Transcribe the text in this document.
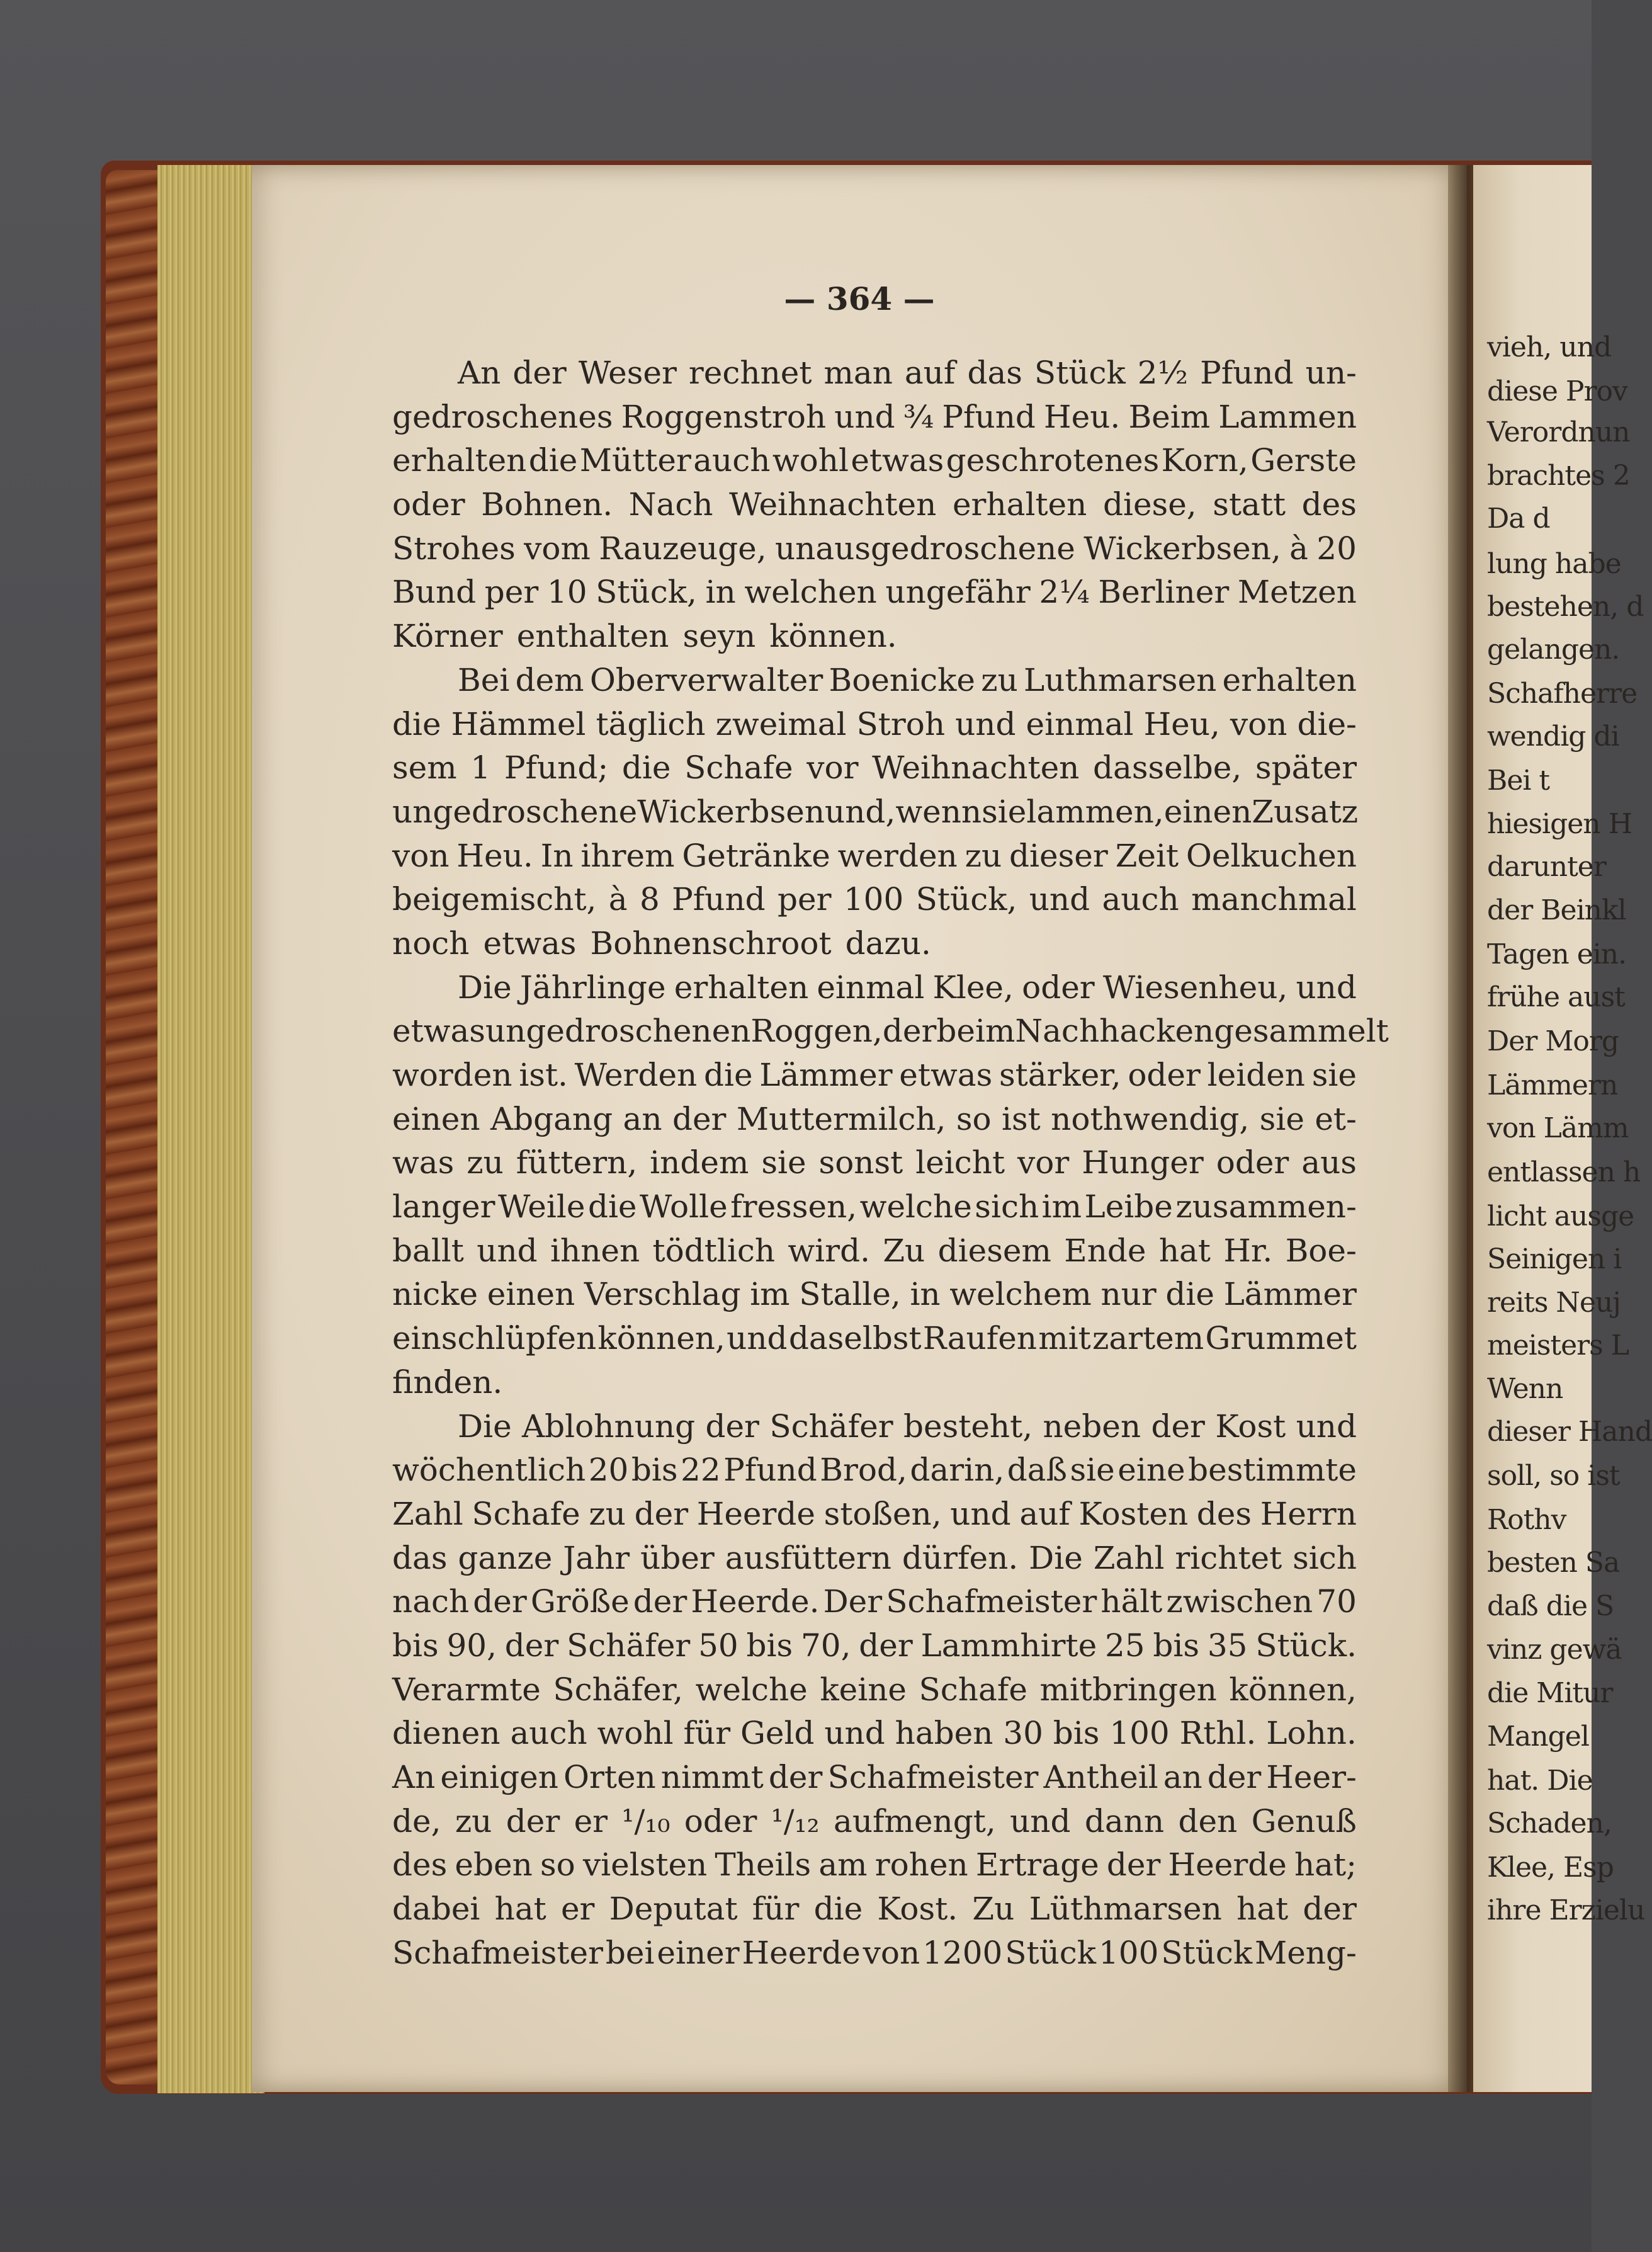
— 364 —
An der Weser rechnet man auf das Stück 2½ Pfund un-
gedroschenes Roggenstroh und ¾ Pfund Heu. Beim Lammen
erhalten die Mütter auch wohl etwas geschrotenes Korn, Gerste
oder Bohnen. Nach Weihnachten erhalten diese, statt des
Strohes vom Rauzeuge, unausgedroschene Wickerbsen, à 20
Bund per 10 Stück, in welchen ungefähr 2¼ Berliner Metzen
Körner enthalten seyn können.
Bei dem Oberverwalter Boenicke zu Luthmarsen erhalten
die Hämmel täglich zweimal Stroh und einmal Heu, von die-
sem 1 Pfund; die Schafe vor Weihnachten dasselbe, später
ungedroschene Wickerbsen und, wenn sie lammen, einen Zusatz
von Heu. In ihrem Getränke werden zu dieser Zeit Oelkuchen
beigemischt, à 8 Pfund per 100 Stück, und auch manchmal
noch etwas Bohnenschroot dazu.
Die Jährlinge erhalten einmal Klee, oder Wiesenheu, und
etwas ungedroschenen Roggen, der beim Nachhacken gesammelt
worden ist. Werden die Lämmer etwas stärker, oder leiden sie
einen Abgang an der Muttermilch, so ist nothwendig, sie et-
was zu füttern, indem sie sonst leicht vor Hunger oder aus
langer Weile die Wolle fressen, welche sich im Leibe zusammen-
ballt und ihnen tödtlich wird. Zu diesem Ende hat Hr. Boe-
nicke einen Verschlag im Stalle, in welchem nur die Lämmer
einschlüpfen können, und daselbst Raufen mit zartem Grummet
finden.
Die Ablohnung der Schäfer besteht, neben der Kost und
wöchentlich 20 bis 22 Pfund Brod, darin, daß sie eine bestimmte
Zahl Schafe zu der Heerde stoßen, und auf Kosten des Herrn
das ganze Jahr über ausfüttern dürfen. Die Zahl richtet sich
nach der Größe der Heerde. Der Schafmeister hält zwischen 70
bis 90, der Schäfer 50 bis 70, der Lammhirte 25 bis 35 Stück.
Verarmte Schäfer, welche keine Schafe mitbringen können,
dienen auch wohl für Geld und haben 30 bis 100 Rthl. Lohn.
An einigen Orten nimmt der Schafmeister Antheil an der Heer-
de, zu der er ¹/₁₀ oder ¹/₁₂ aufmengt, und dann den Genuß
des eben so vielsten Theils am rohen Ertrage der Heerde hat;
dabei hat er Deputat für die Kost. Zu Lüthmarsen hat der
Schafmeister bei einer Heerde von 1200 Stück 100 Stück Meng-
vieh, und
diese Prov
Verordnun
brachtes 2
Da d
lung habe
bestehen, d
gelangen.
Schafherre
wendig di
Bei t
hiesigen H
darunter
der Beinkl
Tagen ein.
frühe aust
Der Morg
Lämmern
von Lämm
entlassen h
licht ausge
Seinigen i
reits Neuj
meisters L
Wenn
dieser Hand
soll, so ist
Rothv
besten Sa
daß die S
vinz gewä
die Mitur
Mangel
hat. Die
Schaden,
Klee, Esp
ihre Erzielu
